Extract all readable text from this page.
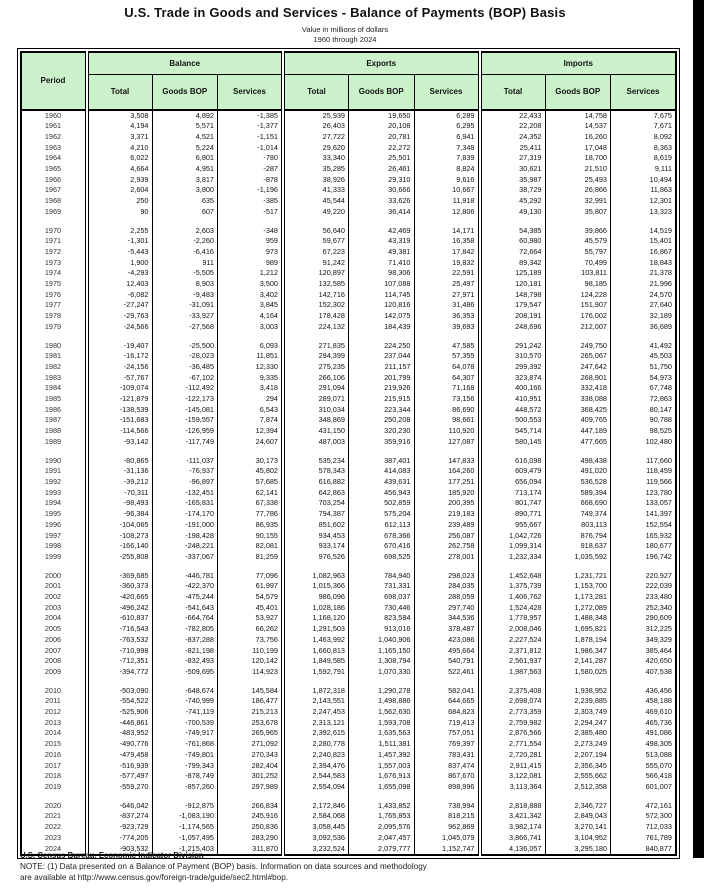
U.S. Trade in Goods and Services - Balance of Payments (BOP) Basis
Value in millions of dollars
1960 through 2024
Period	Balance			Exports			Imports		
	Total	Goods BOP	Services	Total	Goods BOP	Services	Total	Goods BOP	Services
1960	3,508	4,892	-1,385	25,939	19,650	6,289	22,433	14,758	7,675
1961	4,194	5,571	-1,377	26,403	20,108	6,295	22,208	14,537	7,671
1962	3,371	4,521	-1,151	27,722	20,781	6,941	24,352	16,260	8,092
1963	4,210	5,224	-1,014	29,620	22,272	7,348	25,411	17,048	8,363
1964	6,022	6,801	-780	33,340	25,501	7,839	27,319	18,700	8,619
1965	4,664	4,951	-287	35,285	26,461	8,824	30,621	21,510	9,111
1966	2,939	3,817	-878	38,926	29,310	9,616	35,987	25,493	10,494
1967	2,604	3,800	-1,196	41,333	30,666	10,667	38,729	26,866	11,863
1968	250	635	-385	45,544	33,626	11,918	45,292	32,991	12,301
1969	90	607	-517	49,220	36,414	12,806	49,130	35,807	13,323

1970	2,255	2,603	-348	56,640	42,469	14,171	54,385	39,866	14,519
1971	-1,301	-2,260	959	59,677	43,319	16,358	60,980	45,579	15,401
1972	-5,443	-6,416	973	67,223	49,381	17,842	72,664	55,797	16,867
1973	1,900	911	989	91,242	71,410	19,832	89,342	70,499	18,843
1974	-4,293	-5,505	1,212	120,897	98,306	22,591	125,189	103,811	21,378
1975	12,403	8,903	3,500	132,585	107,088	25,497	120,181	98,185	21,996
1976	-6,082	-9,483	3,402	142,716	114,745	27,971	148,798	124,228	24,570
1977	-27,247	-31,091	3,845	152,302	120,816	31,486	179,547	151,907	27,640
1978	-29,763	-33,927	4,164	178,428	142,075	36,353	208,191	176,002	32,189
1979	-24,566	-27,568	3,003	224,132	184,439	39,693	248,696	212,007	36,689

1980	-19,407	-25,500	6,093	271,835	224,250	47,585	291,242	249,750	41,492
1981	-16,172	-28,023	11,851	294,399	237,044	57,355	310,570	265,067	45,503
1982	-24,156	-36,485	12,330	275,235	211,157	64,078	299,392	247,642	51,750
1983	-57,767	-67,102	9,335	266,106	201,799	64,307	323,874	268,901	54,973
1984	-109,074	-112,492	3,418	291,094	219,926	71,168	400,166	332,418	67,748
1985	-121,879	-122,173	294	289,071	215,915	73,156	410,951	338,088	72,863
1986	-138,539	-145,081	6,543	310,034	223,344	86,690	448,572	368,425	80,147
1987	-151,683	-159,557	7,874	348,869	250,208	98,661	500,553	409,765	90,788
1988	-114,566	-126,959	12,394	431,150	320,230	110,920	545,714	447,189	98,525
1989	-93,142	-117,749	24,607	487,003	359,916	127,087	580,145	477,665	102,480

1990	-80,865	-111,037	30,173	535,234	387,401	147,833	616,098	498,438	117,660
1991	-31,136	-76,937	45,802	578,343	414,083	164,260	609,479	491,020	118,459
1992	-39,212	-96,897	57,685	616,882	439,631	177,251	656,094	536,528	119,566
1993	-70,311	-132,451	62,141	642,863	456,943	185,920	713,174	589,394	123,780
1994	-98,493	-165,831	67,338	703,254	502,859	200,395	801,747	668,690	133,057
1995	-96,384	-174,170	77,786	794,387	575,204	219,183	890,771	749,374	141,397
1996	-104,065	-191,000	86,935	851,602	612,113	239,489	955,667	803,113	152,554
1997	-108,273	-198,428	90,155	934,453	678,366	256,087	1,042,726	876,794	165,932
1998	-166,140	-248,221	82,081	933,174	670,416	262,758	1,099,314	918,637	180,677
1999	-255,808	-337,067	81,259	976,526	698,525	278,001	1,232,334	1,035,592	196,742

2000	-369,685	-446,781	77,096	1,082,963	784,940	298,023	1,452,648	1,231,721	220,927
2001	-360,373	-422,370	61,997	1,015,366	731,331	284,035	1,375,739	1,153,700	222,039
2002	-420,665	-475,244	54,579	986,096	698,037	288,059	1,406,762	1,173,281	233,480
2003	-496,242	-541,643	45,401	1,028,186	730,446	297,740	1,524,428	1,272,089	252,340
2004	-610,837	-664,764	53,927	1,168,120	823,584	344,536	1,778,957	1,488,348	290,609
2005	-716,543	-782,805	66,262	1,291,503	913,016	378,487	2,008,046	1,695,821	312,225
2006	-763,532	-837,288	73,756	1,463,992	1,040,906	423,086	2,227,524	1,878,194	349,329
2007	-710,998	-821,198	110,199	1,660,813	1,165,150	495,664	2,371,812	1,986,347	385,464
2008	-712,351	-832,493	120,142	1,849,585	1,308,794	540,791	2,561,937	2,141,287	420,650
2009	-394,772	-509,695	114,923	1,592,791	1,070,330	522,461	1,987,563	1,580,025	407,538

2010	-503,090	-648,674	145,584	1,872,318	1,290,278	582,041	2,375,408	1,938,952	436,456
2011	-554,522	-740,999	186,477	2,143,551	1,498,886	644,665	2,698,074	2,239,885	458,188
2012	-525,906	-741,119	215,213	2,247,453	1,562,630	684,823	2,773,359	2,303,749	469,610
2013	-446,861	-700,539	253,678	2,313,121	1,593,708	719,413	2,759,982	2,294,247	465,736
2014	-483,952	-749,917	265,965	2,392,615	1,635,563	757,051	2,876,566	2,385,480	491,086
2015	-490,776	-761,868	271,092	2,280,778	1,511,381	769,397	2,771,554	2,273,249	498,305
2016	-479,458	-749,801	270,343	2,240,823	1,457,392	783,431	2,720,281	2,207,194	513,088
2017	-516,939	-799,343	282,404	2,394,476	1,557,003	837,474	2,911,415	2,356,345	555,070
2018	-577,497	-878,749	301,252	2,544,583	1,676,913	867,670	3,122,081	2,555,662	566,418
2019	-559,270	-857,260	297,989	2,554,094	1,655,098	898,996	3,113,364	2,512,358	601,007

2020	-646,042	-912,875	266,834	2,172,846	1,433,852	738,994	2,818,888	2,346,727	472,161
2021	-837,274	-1,083,190	245,916	2,584,068	1,765,853	818,215	3,421,342	2,849,043	572,300
2022	-923,729	-1,174,565	250,836	3,058,445	2,095,576	962,869	3,982,174	3,270,141	712,033
2023	-774,205	-1,057,495	283,290	3,092,536	2,047,457	1,045,079	3,866,741	3,104,952	761,789
2024	-903,532	-1,215,403	311,870	3,232,524	2,079,777	1,152,747	4,136,057	3,295,180	840,877
U.S. Census Bureau, Economic Indicator Division
NOTE: (1) Data presented on a Balance of Payment (BOP) basis. Information on data sources and methodology
are available at http://www.census.gov/foreign-trade/guide/sec2.html#bop.
